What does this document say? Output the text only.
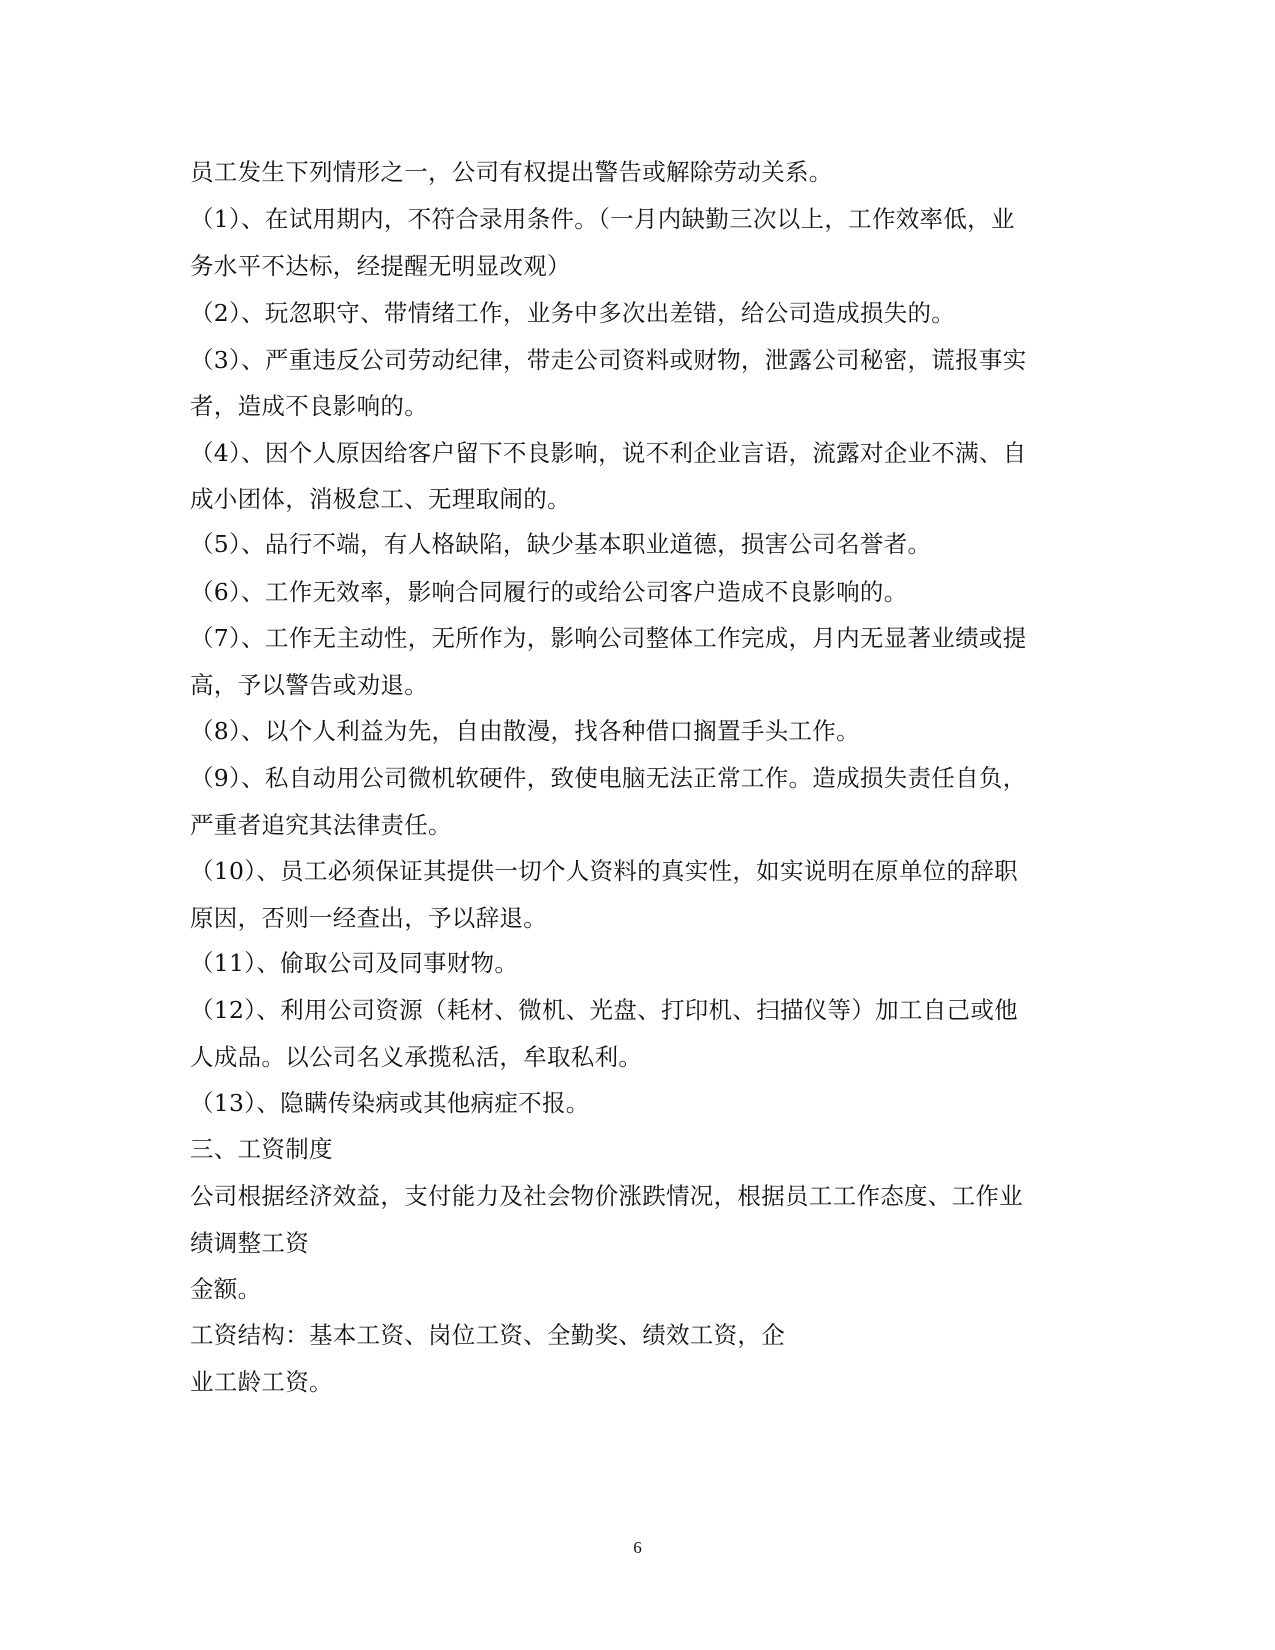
员工发生下列情形之一，公司有权提出警告或解除劳动关系。
（1）、在试用期内，不符合录用条件。（一月内缺勤三次以上，工作效率低，业
务水平不达标，经提醒无明显改观）
（2）、玩忽职守、带情绪工作，业务中多次出差错，给公司造成损失的。
（3）、严重违反公司劳动纪律，带走公司资料或财物，泄露公司秘密，谎报事实
者，造成不良影响的。
（4）、因个人原因给客户留下不良影响，说不利企业言语，流露对企业不满、自
成小团体，消极怠工、无理取闹的。
（5）、品行不端，有人格缺陷，缺少基本职业道德，损害公司名誉者。
（6）、工作无效率，影响合同履行的或给公司客户造成不良影响的。
（7）、工作无主动性，无所作为，影响公司整体工作完成，月内无显著业绩或提
高，予以警告或劝退。
（8）、以个人利益为先，自由散漫，找各种借口搁置手头工作。
（9）、私自动用公司微机软硬件，致使电脑无法正常工作。造成损失责任自负，
严重者追究其法律责任。
（10）、员工必须保证其提供一切个人资料的真实性，如实说明在原单位的辞职
原因，否则一经查出，予以辞退。
（11）、偷取公司及同事财物。
（12）、利用公司资源（耗材、微机、光盘、打印机、扫描仪等）加工自己或他
人成品。以公司名义承揽私活，牟取私利。
（13）、隐瞒传染病或其他病症不报。
三、工资制度
公司根据经济效益，支付能力及社会物价涨跌情况，根据员工工作态度、工作业
绩调整工资
金额。
工资结构：基本工资、岗位工资、全勤奖、绩效工资，企
业工龄工资。
6
